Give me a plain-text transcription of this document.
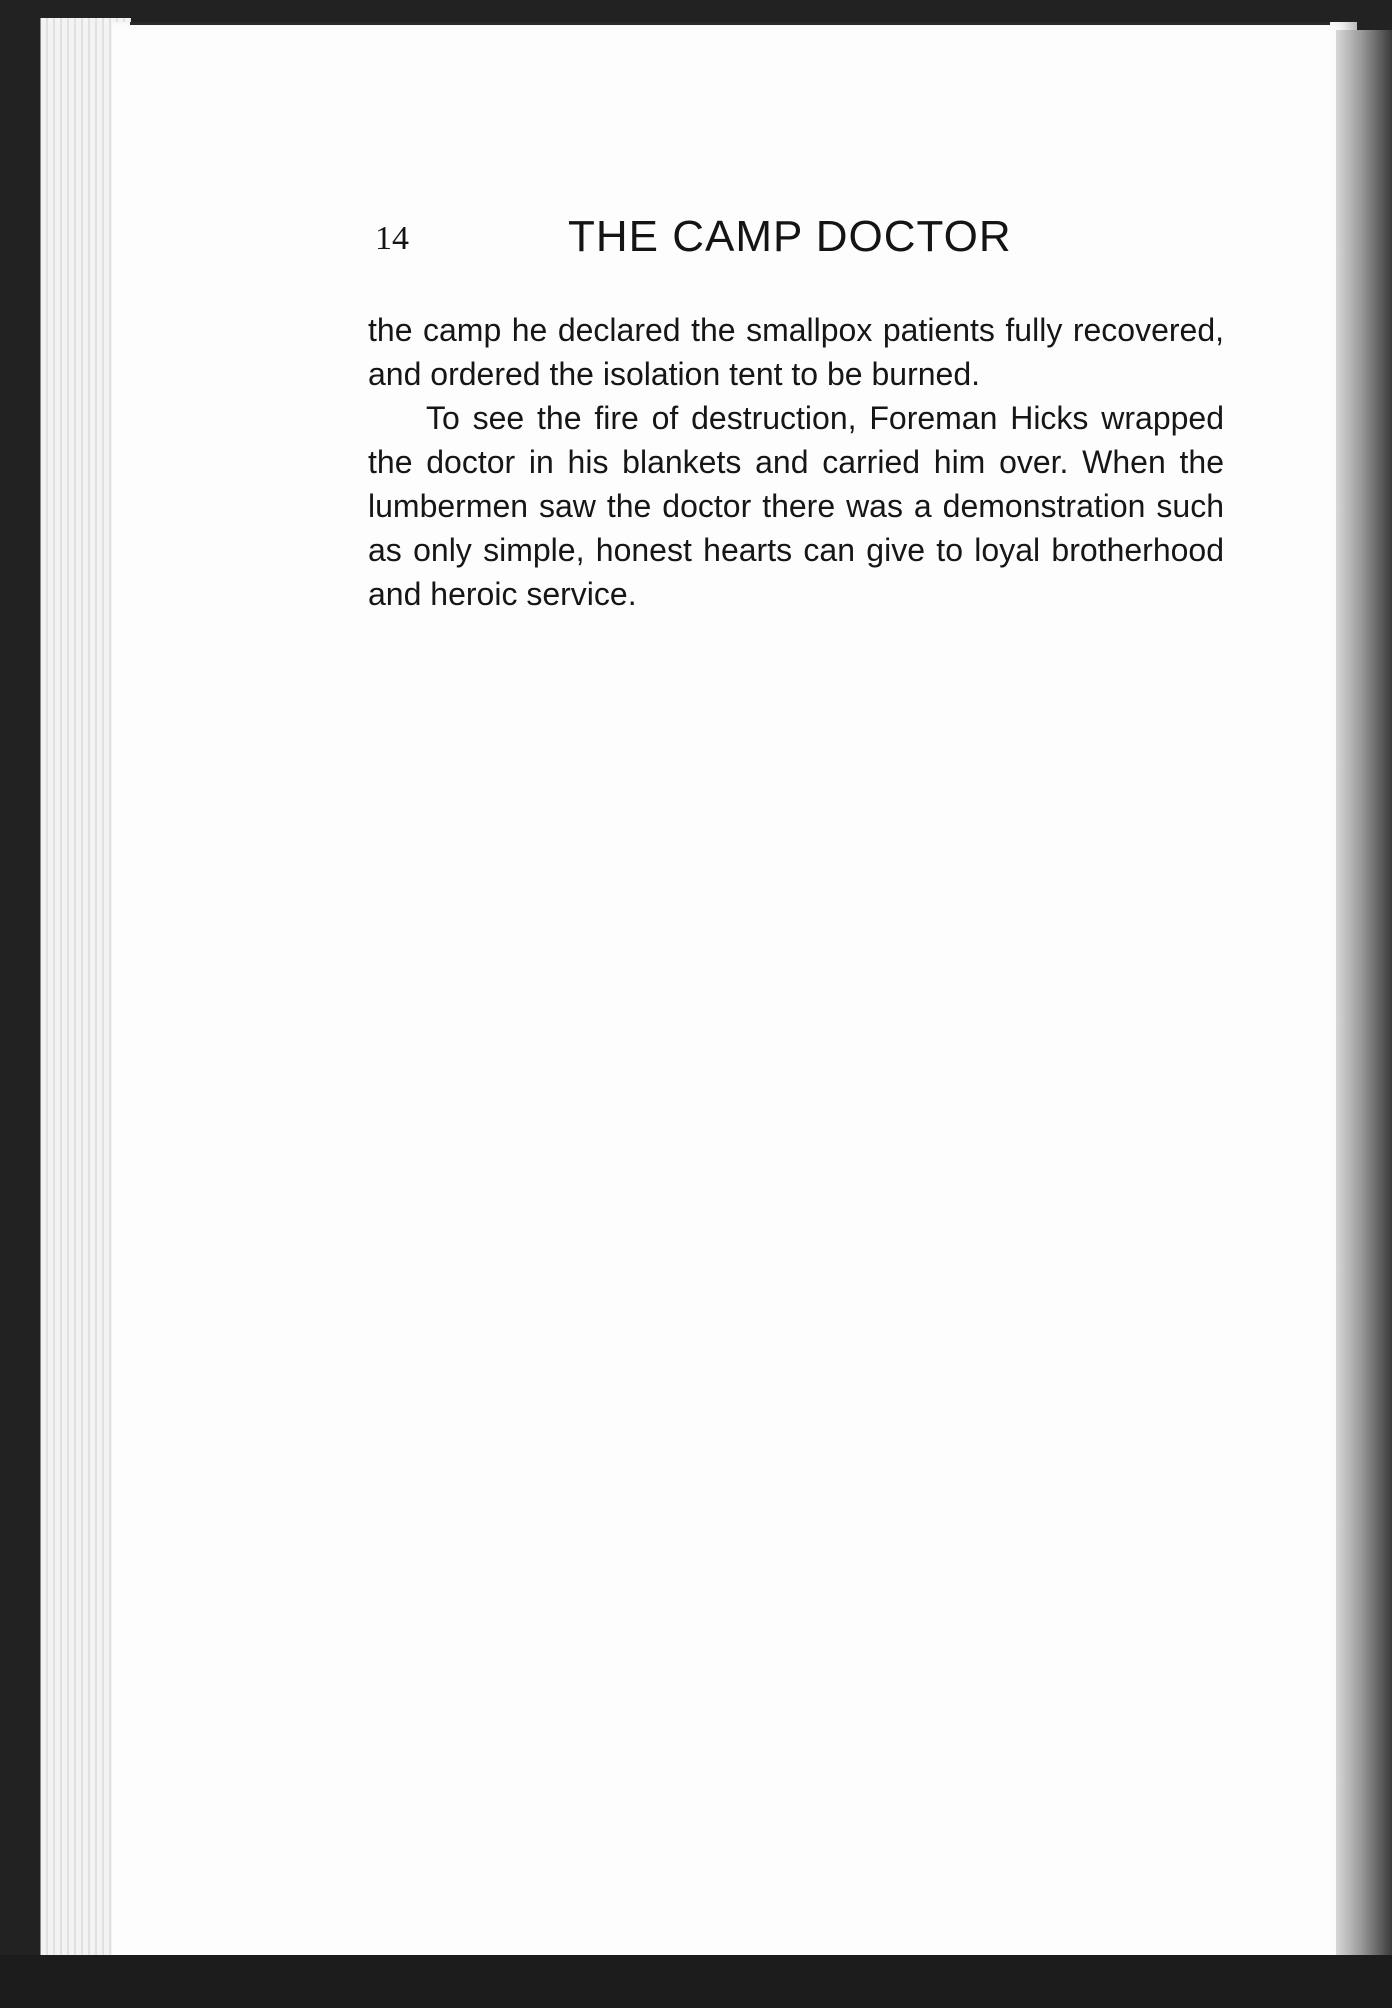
14	THE CAMP DOCTOR

the camp he declared the smallpox patients fully recovered, and ordered the isolation tent to be burned.

To see the fire of destruction, Foreman Hicks wrapped the doctor in his blankets and carried him over. When the lumbermen saw the doctor there was a demonstration such as only simple, honest hearts can give to loyal brotherhood and heroic service.
